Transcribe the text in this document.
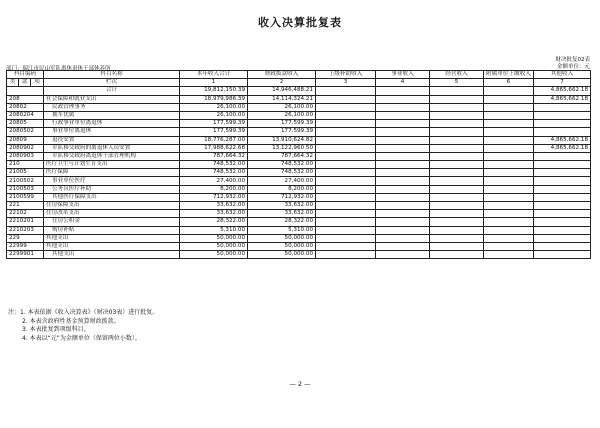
收入决算批复表
财决批复02表
金额单位：元
部门：瑞江市民山军队离休退休干部休养所
科目编码			科目名称	本年收入合计	财政拨款收入	上级补助收入	事业收入	经营收入	附属单位上缴收入	其他收入
类	款	项								
			栏次	1	2	3	4	5	6	7
			合计	19,812,150.39	14,946,488.21					4,865,662.18
208			社会保障和就业支出	18,979,986.39	14,114,324.21					4,865,662.18
20802			民政管理事务	26,100.00	26,100.00					
2080204			拥军优属	26,100.00	26,100.00					
20805			行政事业单位离退休	177,599.39	177,599.39					
2080502			事业单位离退休	177,599.39	177,599.39					
20809			退役安置	18,776,287.00	13,910,624.82					4,865,662.18
2080902			军队移交政府的离退休人员安置	17,988,622.68	13,122,960.50					4,865,662.18
2080903			军队移交政府离退休干部管理机构	787,664.32	787,664.32					
210			医疗卫生与计划生育支出	748,532.00	748,532.00					
21005			医疗保障	748,532.00	748,532.00					
2100502			事业单位医疗	27,400.00	27,400.00					
2100503			公务员医疗补助	8,200.00	8,200.00					
2100599			其他医疗保障支出	712,932.00	712,932.00					
221			住房保障支出	33,632.00	33,632.00					
22102			住房改革支出	33,632.00	33,632.00					
2210201			住房公积金	28,322.00	28,322.00					
2210203			购房补贴	5,310.00	5,310.00					
229			其他支出	50,000.00	50,000.00					
22999			其他支出	50,000.00	50,000.00					
2299901			其他支出	50,000.00	50,000.00					
注：1. 本表依据《收入决算表》（财决03表）进行批复。
2. 本表含政府性基金预算财政拨款。
3. 本表批复到项级科目。
4. 本表以“元”为金额单位（保留两位小数）。
— 2 —
